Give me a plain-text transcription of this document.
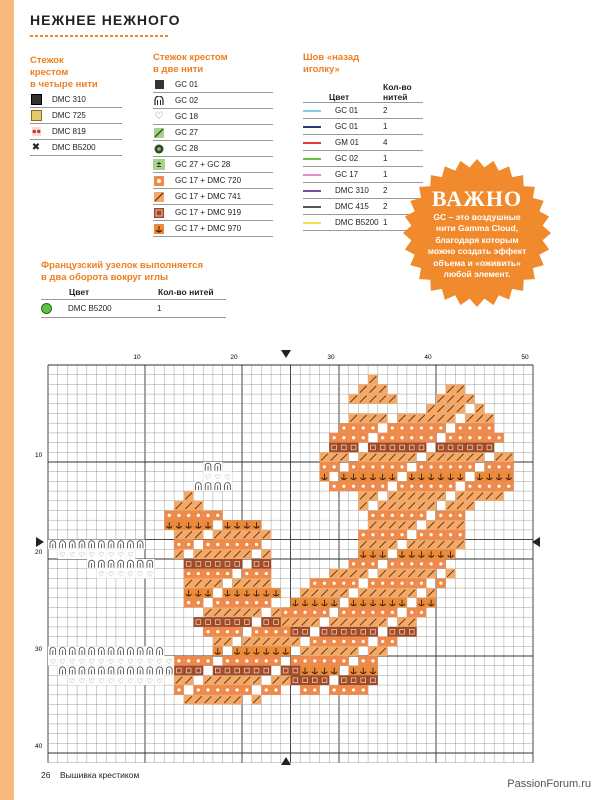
НЕЖНЕЕ НЕЖНОГО
Стежок
крестом
в четыре нити
DMC 310
DMC 725
DMC 819
✖ DMC B5200
Стежок крестом
в две нити
GC 01
GC 02
♡ GC 18
GC 27
GC 28
±	GC 27 + GC 28
GC 17 + DMC 720
GC 17 + DMC 741
GC 17 + DMC 919
GC 17 + DMC 970
Шов «назад
иголку»
Цвет
Кол-во
нитей
GC 01	2
GC 01	1
GM 01	4
GC 02	1
GC 17	1
DMC 310	2
DMC 415	2
DMC B5200 1
ВАЖНО
GC – это воздушные
нити Gamma Cloud,
благодаря которым
можно создать эффект
объема и «оживить»
любой элемент.
Французский узелок выполняется
в два оборота вокруг иглы
Цвет	Кол-во нитей
DMC B5200	1
♡ ♡ ♡ ♡ ♡ ♡ ♡ ♡
♡ ♡ ♡ ♡ ♡ ♡
♡ ♡ ♡ ♡ ♡ ♡ ♡ ♡ ♡ ♡ ♡ ♡ ♡
♡ ♡ ♡ ♡ ♡ ♡ ♡ ♡ ♡ ♡
♡ ♡ ♡
10	20	30	40	50
10
20
30
40
26 Вышивка крестиком
PassionForum.ru
